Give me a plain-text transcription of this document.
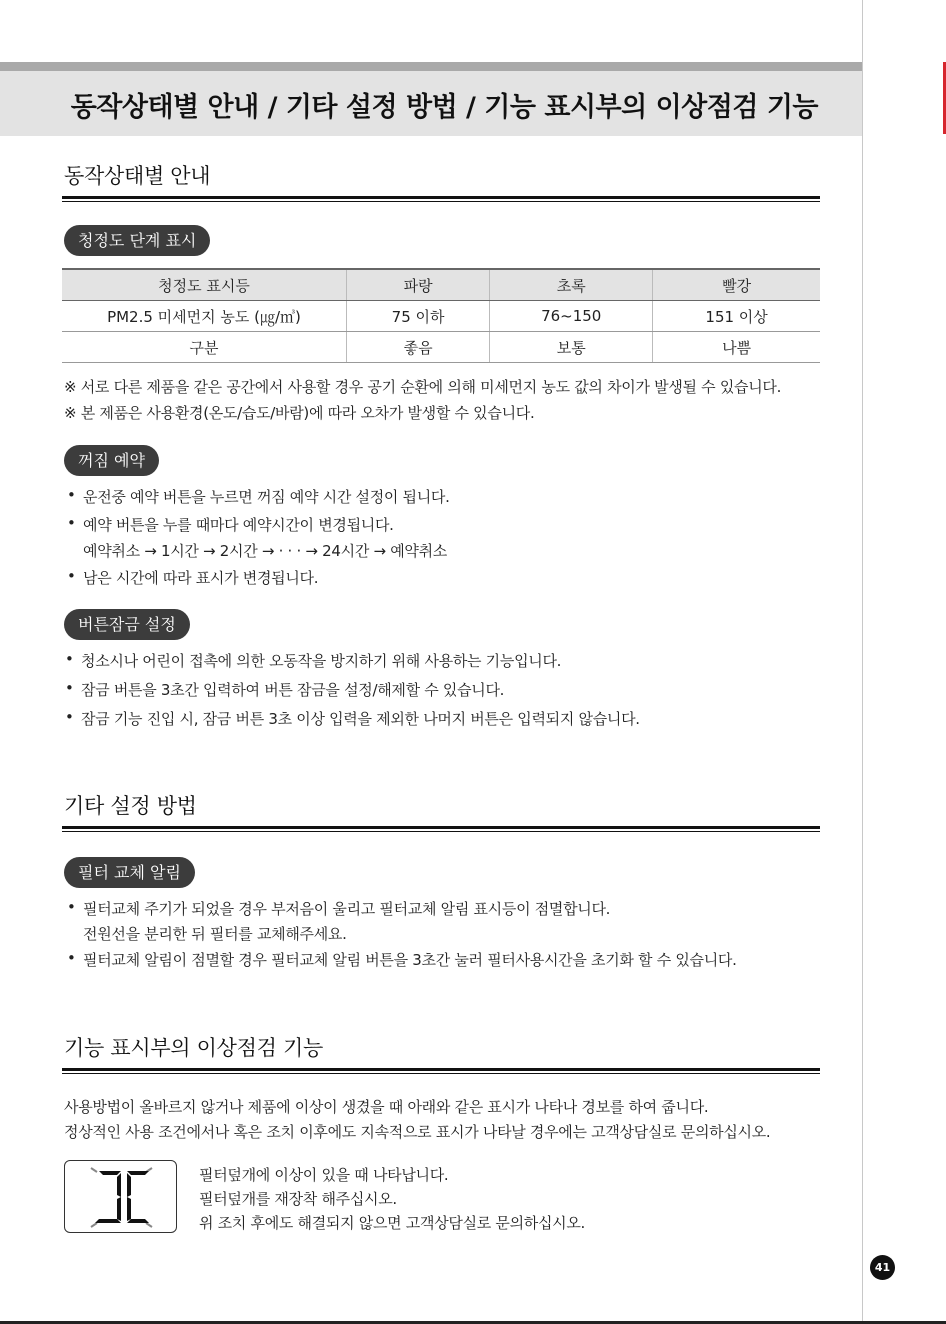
동작상태별 안내 / 기타 설정 방법 / 기능 표시부의 이상점검 기능
동작상태별 안내
청정도 단계 표시
청정도 표시등	파랑	초록	빨강
PM2.5 미세먼지 농도 (㎍/㎥)	75 이하	76~150	151 이상
구분	좋음	보통	나쁨
※ 서로 다른 제품을 같은 공간에서 사용할 경우 공기 순환에 의해 미세먼지 농도 값의 차이가 발생될 수 있습니다.
※ 본 제품은 사용환경(온도/습도/바람)에 따라 오차가 발생할 수 있습니다.
꺼짐 예약
• 운전중 예약 버튼을 누르면 꺼짐 예약 시간 설정이 됩니다.
• 예약 버튼을 누를 때마다 예약시간이 변경됩니다.
예약취소 → 1시간 → 2시간 → · · · → 24시간 → 예약취소
• 남은 시간에 따라 표시가 변경됩니다.
버튼잠금 설정
• 청소시나 어린이 접촉에 의한 오동작을 방지하기 위해 사용하는 기능입니다.
• 잠금 버튼을 3초간 입력하여 버튼 잠금을 설정/해제할 수 있습니다.
• 잠금 기능 진입 시, 잠금 버튼 3초 이상 입력을 제외한 나머지 버튼은 입력되지 않습니다.
기타 설정 방법
필터 교체 알림
• 필터교체 주기가 되었을 경우 부저음이 울리고 필터교체 알림 표시등이 점멸합니다.
전원선을 분리한 뒤 필터를 교체해주세요.
• 필터교체 알림이 점멸할 경우 필터교체 알림 버튼을 3초간 눌러 필터사용시간을 초기화 할 수 있습니다.
기능 표시부의 이상점검 기능
사용방법이 올바르지 않거나 제품에 이상이 생겼을 때 아래와 같은 표시가 나타나 경보를 하여 줍니다.
정상적인 사용 조건에서나 혹은 조치 이후에도 지속적으로 표시가 나타날 경우에는 고객상담실로 문의하십시오.
필터덮개에 이상이 있을 때 나타납니다.
필터덮개를 재장착 해주십시오.
위 조치 후에도 해결되지 않으면 고객상담실로 문의하십시오.
41
